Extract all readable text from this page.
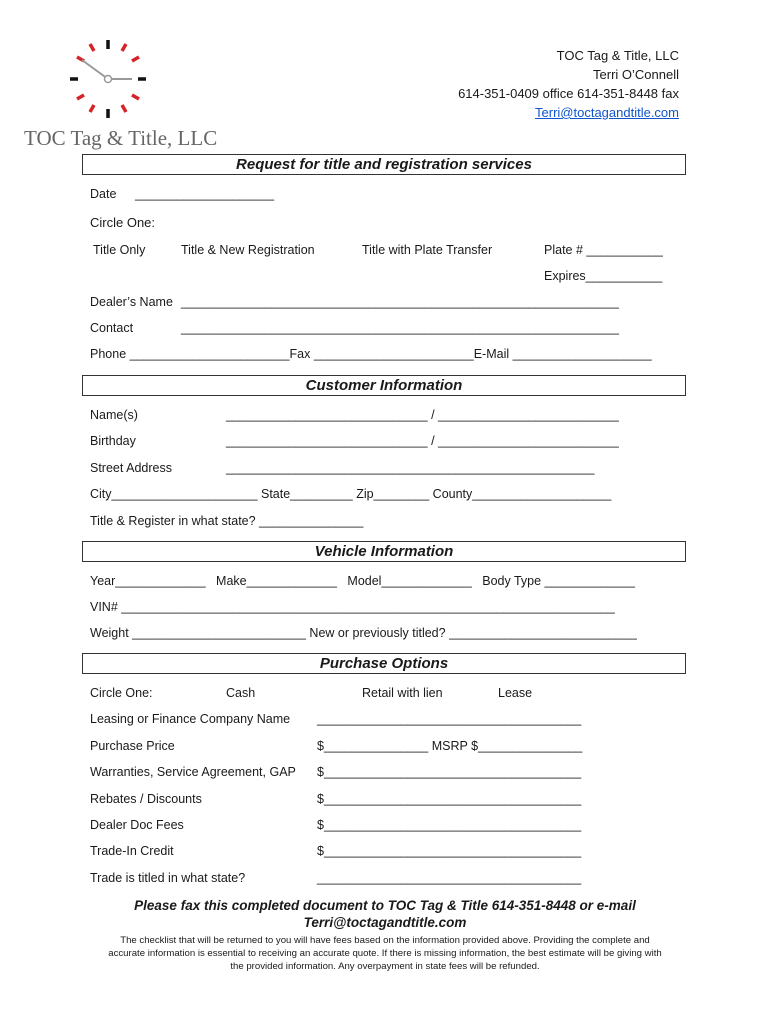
TOC Tag & Title, LLC
TOC Tag & Title, LLC
Terri O’Connell
614-351-0409 office 614-351-8448 fax
Terri@toctagandtitle.com
Request for title and registration services
Date ____________________
Circle One:
Title Only	Title & New Registration	Title with Plate Transfer	Plate # ___________
Expires___________
Dealer’s Name _______________________________________________________________
Contact	_______________________________________________________________
Phone _______________________Fax _______________________E-Mail ____________________
Customer Information
Name(s)	_____________________________ / __________________________
Birthday	_____________________________ / __________________________
Street Address	_____________________________________________________
City_____________________ State_________ Zip________ County____________________
Title & Register in what state? _______________
Vehicle Information
Year_____________   Make_____________   Model_____________   Body Type _____________
VIN# _______________________________________________________________________
Weight _________________________ New or previously titled? ___________________________
Purchase Options
Circle One:	Cash	Retail with lien	Lease
Leasing or Finance Company Name ______________________________________
Purchase Price	$_______________ MSRP $_______________
Warranties, Service Agreement, GAP $_____________________________________
Rebates / Discounts	$_____________________________________
Dealer Doc Fees	$_____________________________________
Trade-In Credit	$_____________________________________
Trade is titled in what state?	______________________________________
Please fax this completed document to TOC Tag & Title 614-351-8448 or e-mail
Terri@toctagandtitle.com
The checklist that will be returned to you will have fees based on the information provided above. Providing the complete and
accurate information is essential to receiving an accurate quote. If there is missing information, the best estimate will be giving with
the provided information. Any overpayment in state fees will be refunded.
